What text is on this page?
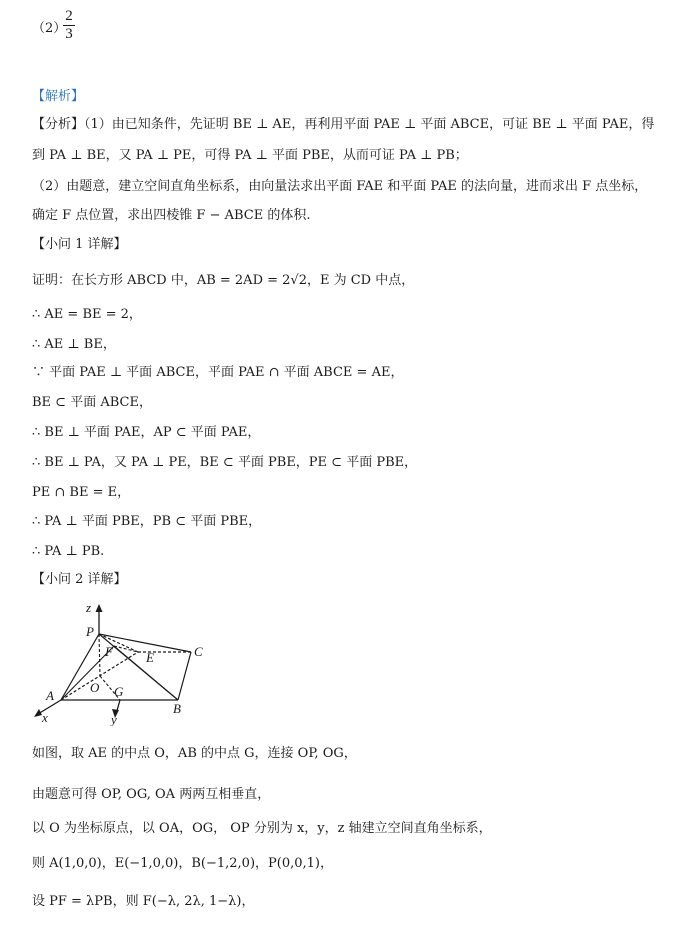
（2）
2
3
【解析】
【分析】（1）由已知条件，先证明 BE ⊥ AE，再利用平面 PAE ⊥ 平面 ABCE，可证 BE ⊥ 平面 PAE，得
到 PA ⊥ BE，又 PA ⊥ PE，可得 PA ⊥ 平面 PBE，从而可证 PA ⊥ PB；
（2）由题意，建立空间直角坐标系，由向量法求出平面 FAE 和平面 PAE 的法向量，进而求出 F 点坐标，
确定 F 点位置，求出四棱锥 F − ABCE 的体积.
【小问 1 详解】
证明：在长方形 ABCD 中，AB = 2AD = 2√2，E 为 CD 中点，
∴ AE = BE = 2，
∴ AE ⊥ BE，
∵ 平面 PAE ⊥ 平面 ABCE，平面 PAE ∩ 平面 ABCE = AE，
BE ⊂ 平面 ABCE，
∴ BE ⊥ 平面 PAE，AP ⊂ 平面 PAE，
∴ BE ⊥ PA，又 PA ⊥ PE，BE ⊂ 平面 PBE，PE ⊂ 平面 PBE，
PE ∩ BE = E，
∴ PA ⊥ 平面 PBE，PB ⊂ 平面 PBE，
∴ PA ⊥ PB.
【小问 2 详解】
z
P
F	E	C
A
O G
B
x	y
如图，取 AE 的中点 O，AB 的中点 G，连接 OP, OG，
由题意可得 OP, OG, OA 两两互相垂直，
以 O 为坐标原点，以 OA，OG， OP 分别为 x，y，z 轴建立空间直角坐标系，
则 A(1,0,0)，E(−1,0,0)，B(−1,2,0)，P(0,0,1)，
设 PF = λPB，则 F(−λ, 2λ, 1−λ)，
